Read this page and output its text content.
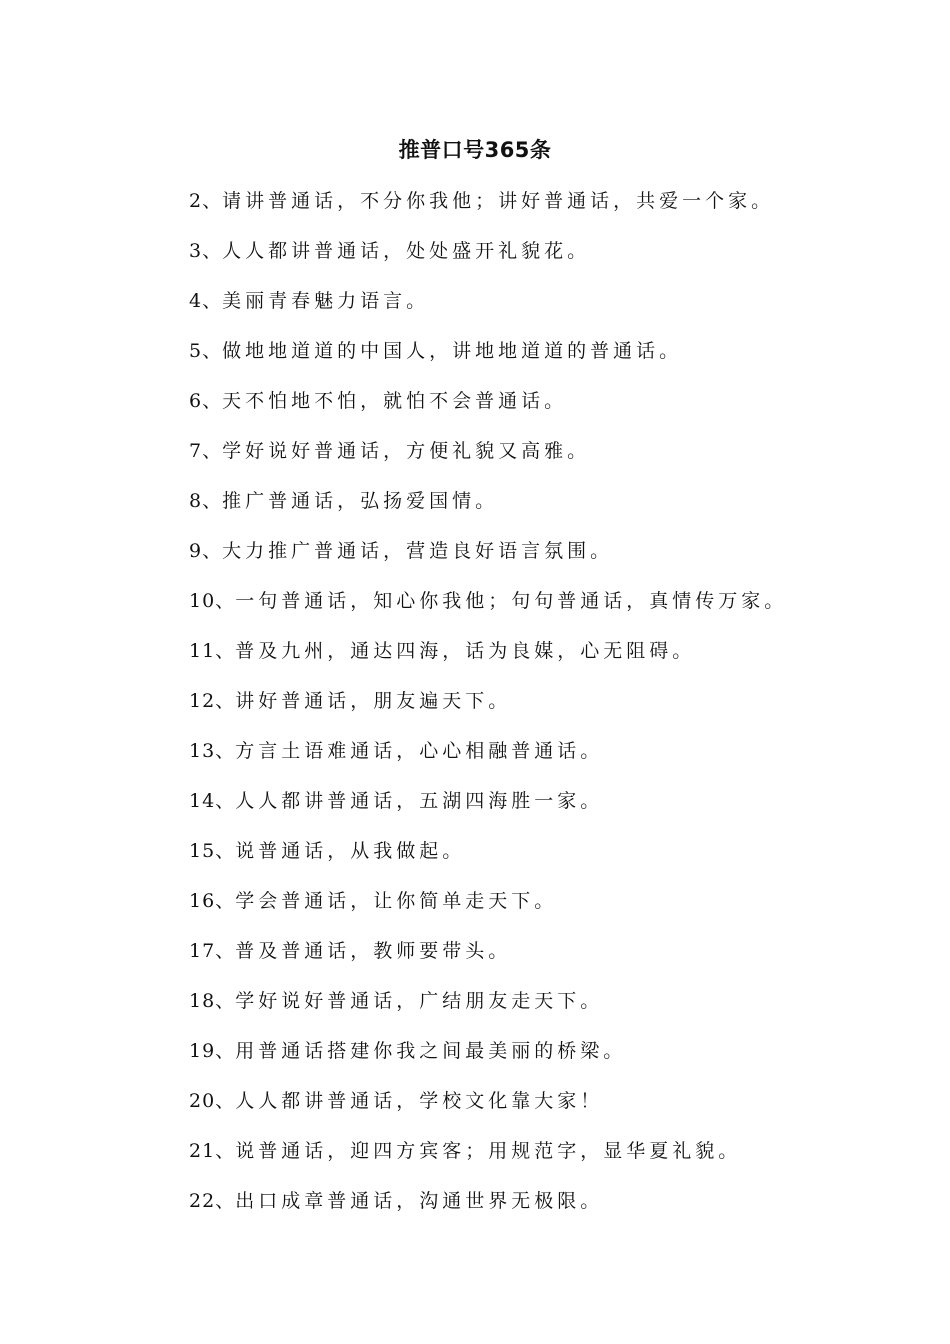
推普口号365条
2、请讲普通话，不分你我他；讲好普通话，共爱一个家。
3、人人都讲普通话，处处盛开礼貌花。
4、美丽青春魅力语言。
5、做地地道道的中国人，讲地地道道的普通话。
6、天不怕地不怕，就怕不会普通话。
7、学好说好普通话，方便礼貌又高雅。
8、推广普通话，弘扬爱国情。
9、大力推广普通话，营造良好语言氛围。
10、一句普通话，知心你我他；句句普通话，真情传万家。
11、普及九州，通达四海，话为良媒，心无阻碍。
12、讲好普通话，朋友遍天下。
13、方言土语难通话，心心相融普通话。
14、人人都讲普通话，五湖四海胜一家。
15、说普通话，从我做起。
16、学会普通话，让你简单走天下。
17、普及普通话，教师要带头。
18、学好说好普通话，广结朋友走天下。
19、用普通话搭建你我之间最美丽的桥梁。
20、人人都讲普通话，学校文化靠大家！
21、说普通话，迎四方宾客；用规范字，显华夏礼貌。
22、出口成章普通话，沟通世界无极限。
